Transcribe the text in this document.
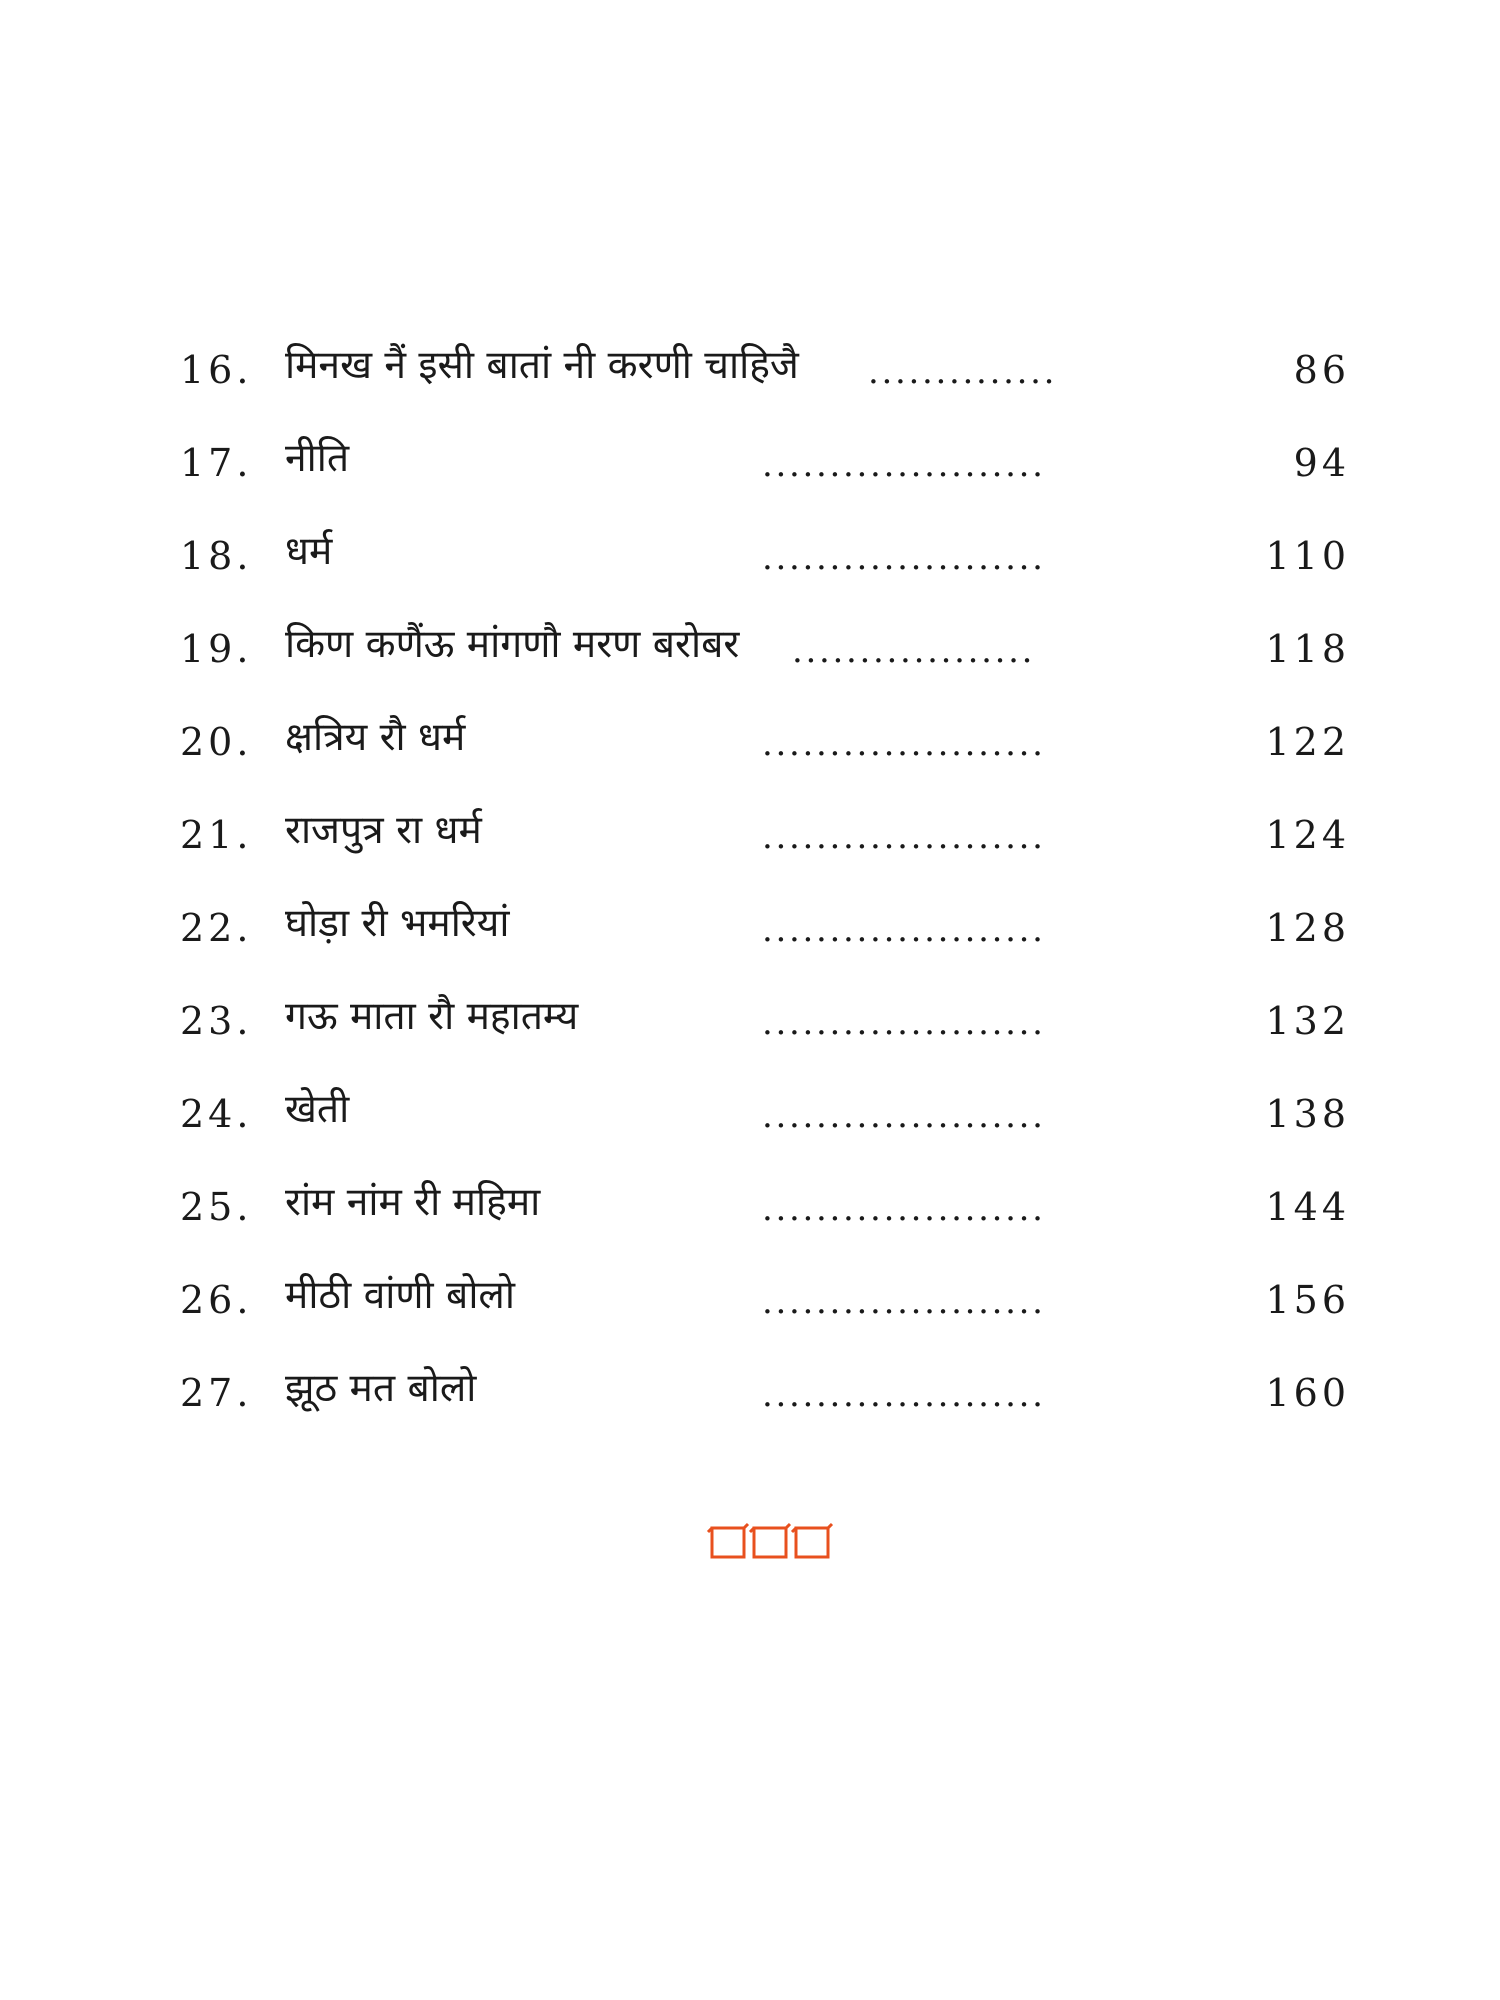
16. मिनख नैं इसी बातां नी करणी चाहिजै ..............	86
17. नीति	.....................	94
18. धर्म	.....................	110
19. किण कणैंऊ मांगणौ मरण बरोबर ..................	118
20. क्षत्रिय रौ धर्म	.....................	122
21. राजपुत्र रा धर्म	.....................	124
22. घोड़ा री भमरियां	.....................	128
23. गऊ माता रौ महातम्य	.....................	132
24. खेती	.....................	138
25. रांम नांम री महिमा	.....................	144
26. मीठी वांणी बोलो	.....................	156
27. झूठ मत बोलो	.....................	160
